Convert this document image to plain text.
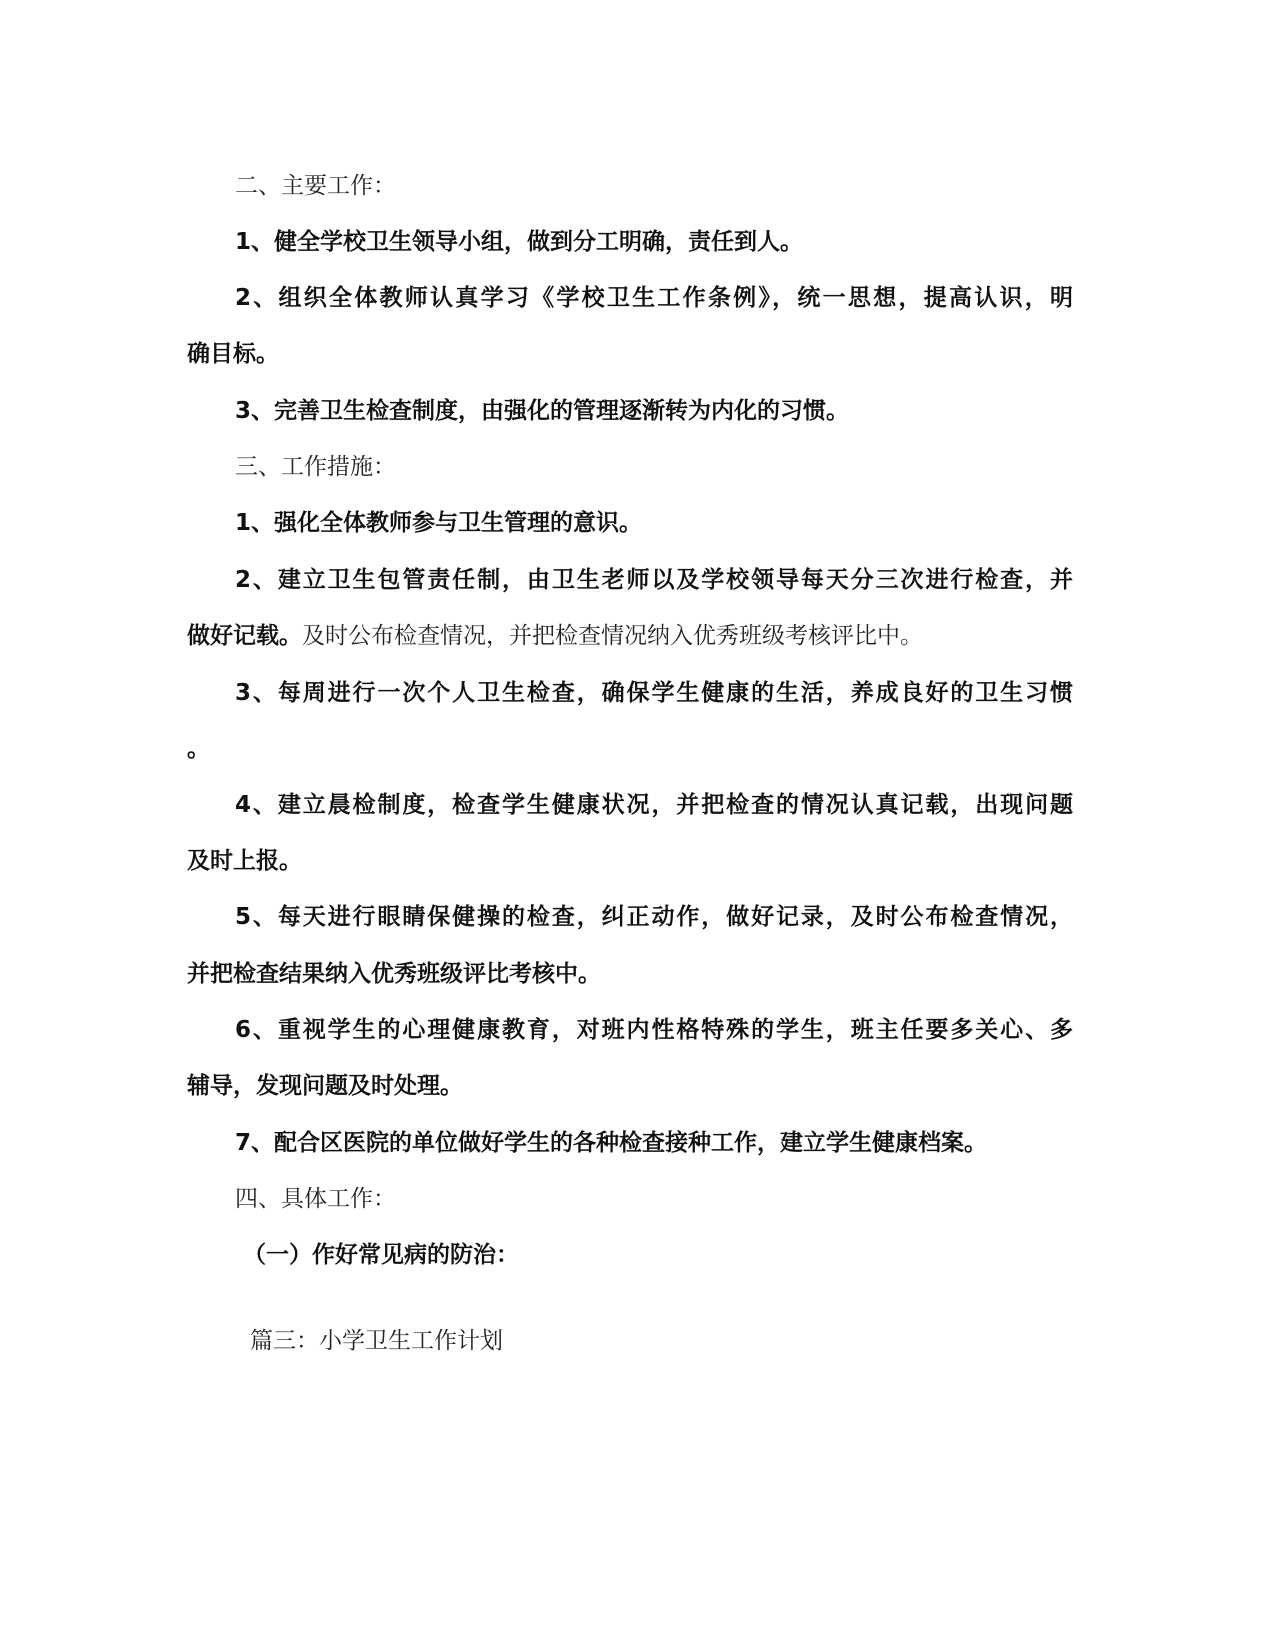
二、主要工作：
1、健全学校卫生领导小组，做到分工明确，责任到人。
2、组织全体教师认真学习《学校卫生工作条例》，统一思想，提高认识，明
确目标。
3、完善卫生检查制度，由强化的管理逐渐转为内化的习惯。
三、工作措施：
1、强化全体教师参与卫生管理的意识。
2、建立卫生包管责任制，由卫生老师以及学校领导每天分三次进行检查，并
做好记载。及时公布检查情况，并把检查情况纳入优秀班级考核评比中。
3、每周进行一次个人卫生检查，确保学生健康的生活，养成良好的卫生习惯
。
4、建立晨检制度，检查学生健康状况，并把检查的情况认真记载，出现问题
及时上报。
5、每天进行眼睛保健操的检查，纠正动作，做好记录，及时公布检查情况，
并把检查结果纳入优秀班级评比考核中。
6、重视学生的心理健康教育，对班内性格特殊的学生，班主任要多关心、多
辅导，发现问题及时处理。
7、配合区医院的单位做好学生的各种检查接种工作，建立学生健康档案。
四、具体工作：
（一）作好常见病的防治：
篇三：小学卫生工作计划
